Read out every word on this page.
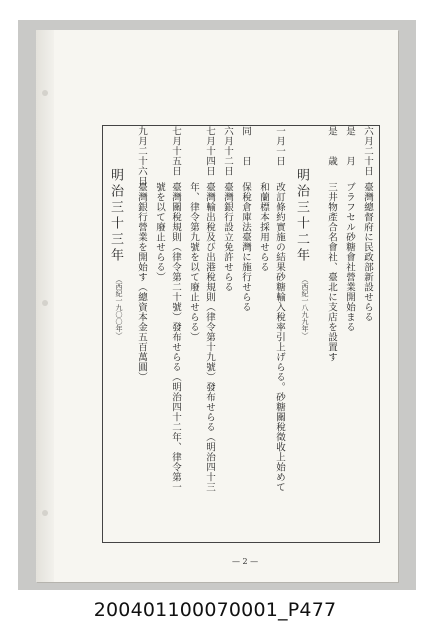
六月二十日
臺灣總督府に民政部新設せらる
是　　月
ブラフセル砂糖會社營業開始まる
是　　歳
三井物產合名會社、臺北に支店を設置す
明治三十二年
（西紀一八九九年）
一月一日
改訂條約實施の結果砂糖輸入稅率引上げらる。砂糖關稅徵收上始めて
和蘭標本採用せらる
同　　日
保稅倉庫法臺灣に施行せらる
六月十二日
臺灣銀行設立免許せらる
七月十四日
臺灣輸出稅及び出港稅規則（律令第十九號）發布せらる（明治四十三
年、律令第九號を以て廢止せらる）
七月十五日
臺灣關稅規則（律令第二十號）發布せらる（明治四十二年、律令第一
號を以て廢止せらる）
九月二十六日
臺灣銀行營業を開始す（總資本金五百萬圓）
明治三十三年
（西紀一九〇〇年）
— 2 —
200401100070001_P477
